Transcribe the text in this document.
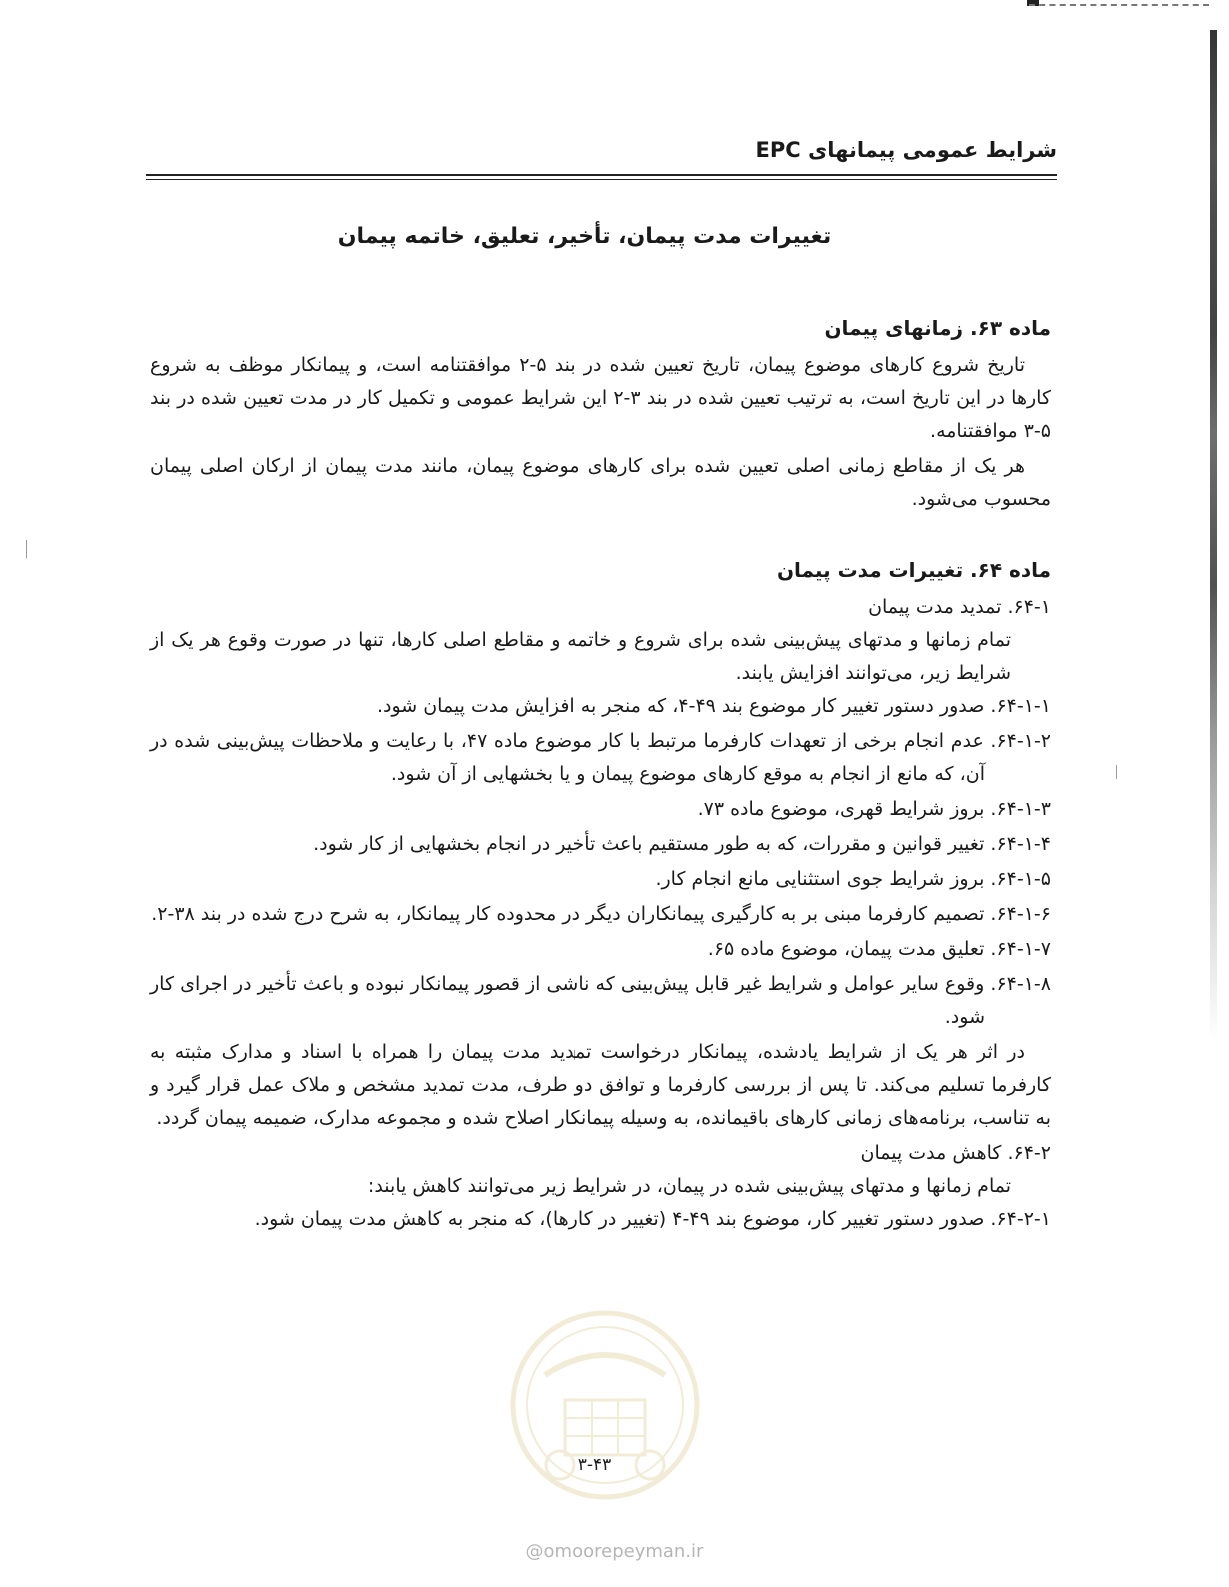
شرایط عمومی پیمانهای EPC
تغییرات مدت پیمان، تأخیر، تعلیق، خاتمه پیمان
ماده ۶۳. زمانهای پیمان

تاریخ شروع کارهای موضوع پیمان، تاریخ تعیین شده در بند ۵-۲ موافقتنامه است، و پیمانکار موظف به شروع کارها در این تاریخ است، به ترتیب تعیین شده در بند ۳-۲ این شرایط عمومی و تکمیل کار در مدت تعیین شده در بند ۵-۳ موافقتنامه.

هر یک از مقاطع زمانی اصلی تعیین شده برای کارهای موضوع پیمان، مانند مدت پیمان از ارکان اصلی پیمان محسوب می‌شود.

ماده ۶۴. تغییرات مدت پیمان

۶۴-۱. تمدید مدت پیمان

تمام زمانها و مدتهای پیش‌بینی شده برای شروع و خاتمه و مقاطع اصلی کارها، تنها در صورت وقوع هر یک از شرایط زیر، می‌توانند افزایش یابند.

۶۴-۱-۱. صدور دستور تغییر کار موضوع بند ۴۹-۴، که منجر به افزایش مدت پیمان شود.

۶۴-۱-۲. عدم انجام برخی از تعهدات کارفرما مرتبط با کار موضوع ماده ۴۷، با رعایت و ملاحظات پیش‌بینی شده در آن، که مانع از انجام به موقع کارهای موضوع پیمان و یا بخشهایی از آن شود.

۶۴-۱-۳. بروز شرایط قهری، موضوع ماده ۷۳.

۶۴-۱-۴. تغییر قوانین و مقررات، که به طور مستقیم باعث تأخیر در انجام بخشهایی از کار شود.

۶۴-۱-۵. بروز شرایط جوی استثنایی مانع انجام کار.

۶۴-۱-۶. تصمیم کارفرما مبنی بر به کارگیری پیمانکاران دیگر در محدوده کار پیمانکار، به شرح درج شده در بند ۳۸-۲.

۶۴-۱-۷. تعلیق مدت پیمان، موضوع ماده ۶۵.

۶۴-۱-۸. وقوع سایر عوامل و شرایط غیر قابل پیش‌بینی که ناشی از قصور پیمانکار نبوده و باعث تأخیر در اجرای کار شود.

در اثر هر یک از شرایط یادشده، پیمانکار درخواست تمدید مدت پیمان را همراه با اسناد و مدارک مثبته به کارفرما تسلیم می‌کند. تا پس از بررسی کارفرما و توافق دو طرف، مدت تمدید مشخص و ملاک عمل قرار گیرد و به تناسب، برنامه‌های زمانی کارهای باقیمانده، به وسیله پیمانکار اصلاح شده و مجموعه مدارک، ضمیمه پیمان گردد.

۶۴-۲. کاهش مدت پیمان

تمام زمانها و مدتهای پیش‌بینی شده در پیمان، در شرایط زیر می‌توانند کاهش یابند:

۶۴-۲-۱. صدور دستور تغییر کار، موضوع بند ۴۹-۴ (تغییر در کارها)، که منجر به کاهش مدت پیمان شود.

۳-۴۳
@omoorepeyman.ir
